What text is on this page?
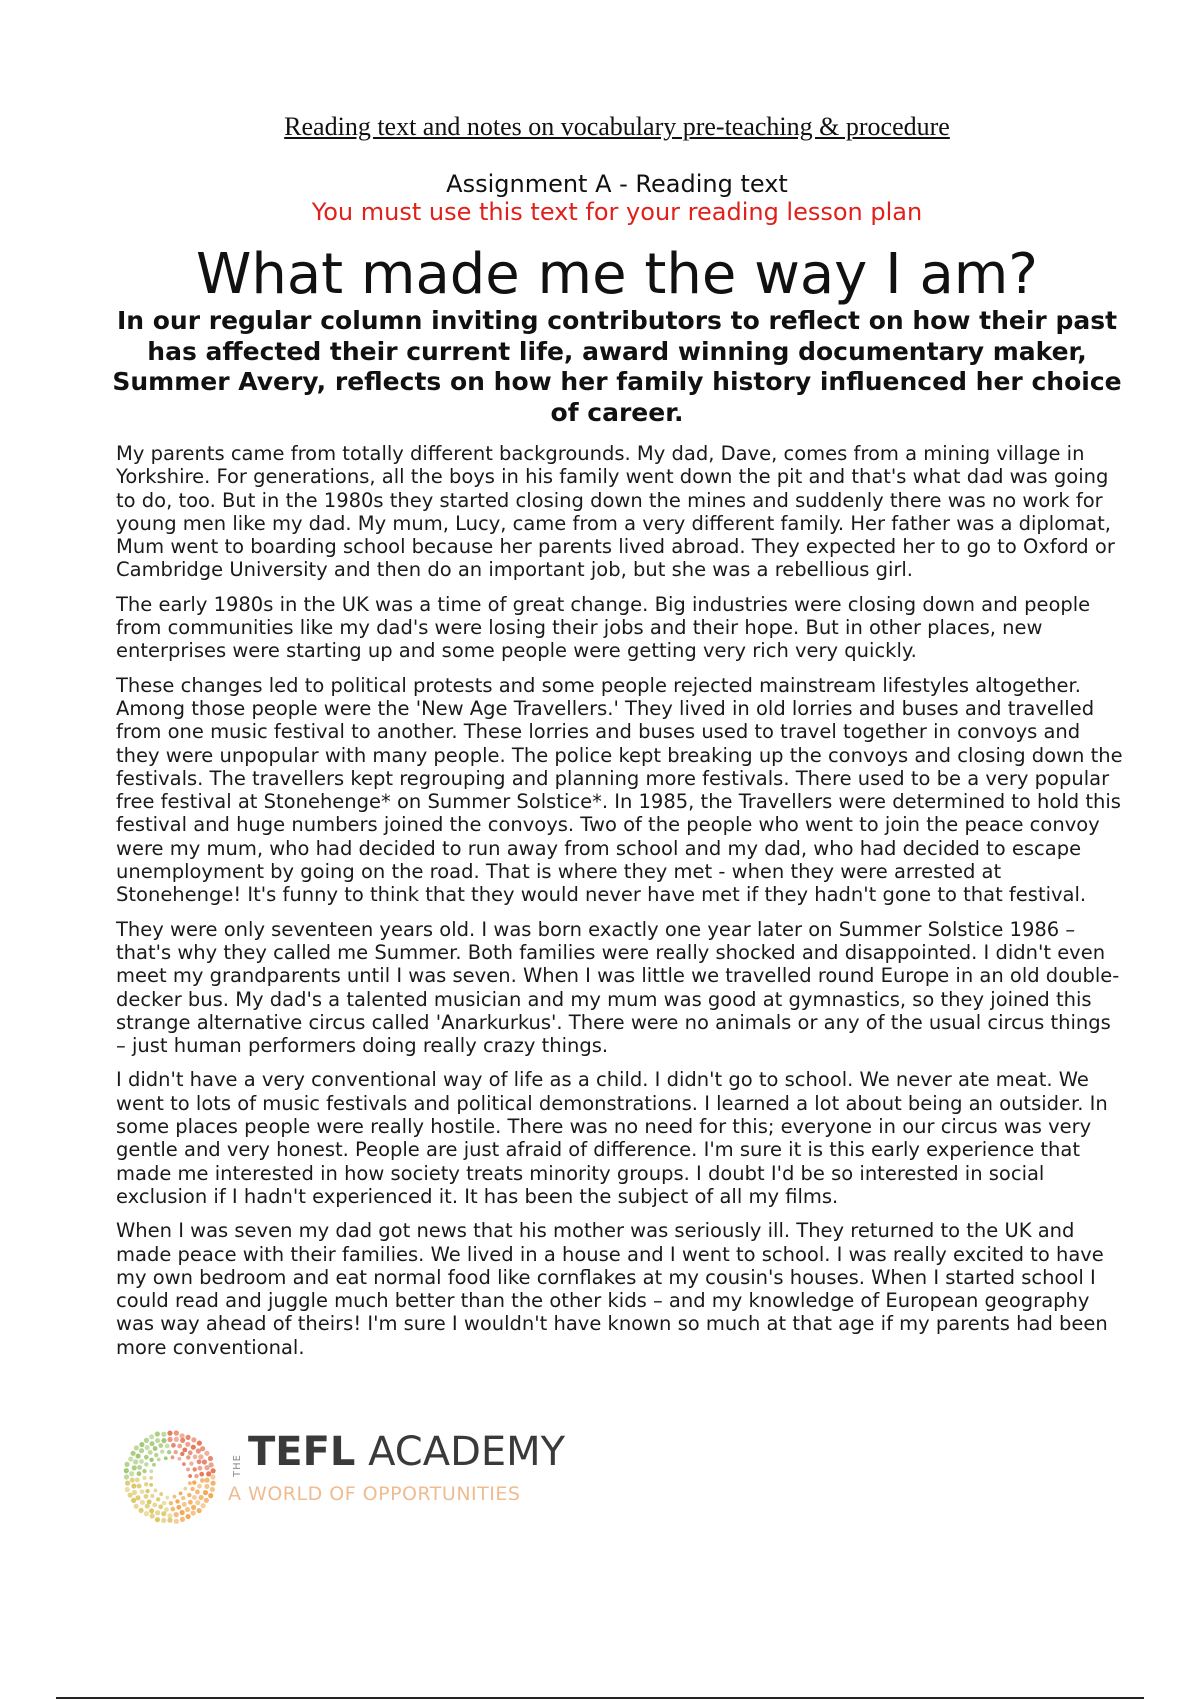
Reading text and notes on vocabulary pre-teaching & procedure
Assignment A - Reading text
You must use this text for your reading lesson plan
What made me the way I am?
In our regular column inviting contributors to reflect on how their past has affected their current life, award winning documentary maker, Summer Avery, reflects on how her family history influenced her choice of career.

My parents came from totally different backgrounds. My dad, Dave, comes from a mining village in Yorkshire. For generations, all the boys in his family went down the pit and that's what dad was going to do, too. But in the 1980s they started closing down the mines and suddenly there was no work for young men like my dad. My mum, Lucy, came from a very different family. Her father was a diplomat, Mum went to boarding school because her parents lived abroad. They expected her to go to Oxford or Cambridge University and then do an important job, but she was a rebellious girl.

The early 1980s in the UK was a time of great change. Big industries were closing down and people from communities like my dad's were losing their jobs and their hope. But in other places, new enterprises were starting up and some people were getting very rich very quickly.

These changes led to political protests and some people rejected mainstream lifestyles altogether. Among those people were the 'New Age Travellers.' They lived in old lorries and buses and travelled from one music festival to another. These lorries and buses used to travel together in convoys and they were unpopular with many people. The police kept breaking up the convoys and closing down the festivals. The travellers kept regrouping and planning more festivals. There used to be a very popular free festival at Stonehenge* on Summer Solstice*. In 1985, the Travellers were determined to hold this festival and huge numbers joined the convoys. Two of the people who went to join the peace convoy were my mum, who had decided to run away from school and my dad, who had decided to escape unemployment by going on the road. That is where they met - when they were arrested at Stonehenge! It's funny to think that they would never have met if they hadn't gone to that festival.

They were only seventeen years old. I was born exactly one year later on Summer Solstice 1986 – that's why they called me Summer. Both families were really shocked and disappointed. I didn't even meet my grandparents until I was seven. When I was little we travelled round Europe in an old double-decker bus. My dad's a talented musician and my mum was good at gymnastics, so they joined this strange alternative circus called 'Anarkurkus'. There were no animals or any of the usual circus things – just human performers doing really crazy things.

I didn't have a very conventional way of life as a child. I didn't go to school. We never ate meat. We went to lots of music festivals and political demonstrations. I learned a lot about being an outsider. In some places people were really hostile. There was no need for this; everyone in our circus was very gentle and very honest. People are just afraid of difference. I'm sure it is this early experience that made me interested in how society treats minority groups. I doubt I'd be so interested in social exclusion if I hadn't experienced it. It has been the subject of all my films.

When I was seven my dad got news that his mother was seriously ill. They returned to the UK and made peace with their families. We lived in a house and I went to school. I was really excited to have my own bedroom and eat normal food like cornflakes at my cousin's houses. When I started school I could read and juggle much better than the other kids – and my knowledge of European geography was way ahead of theirs! I'm sure I wouldn't have known so much at that age if my parents had been more conventional.

THE TEFL ACADEMY
A WORLD OF OPPORTUNITIES
